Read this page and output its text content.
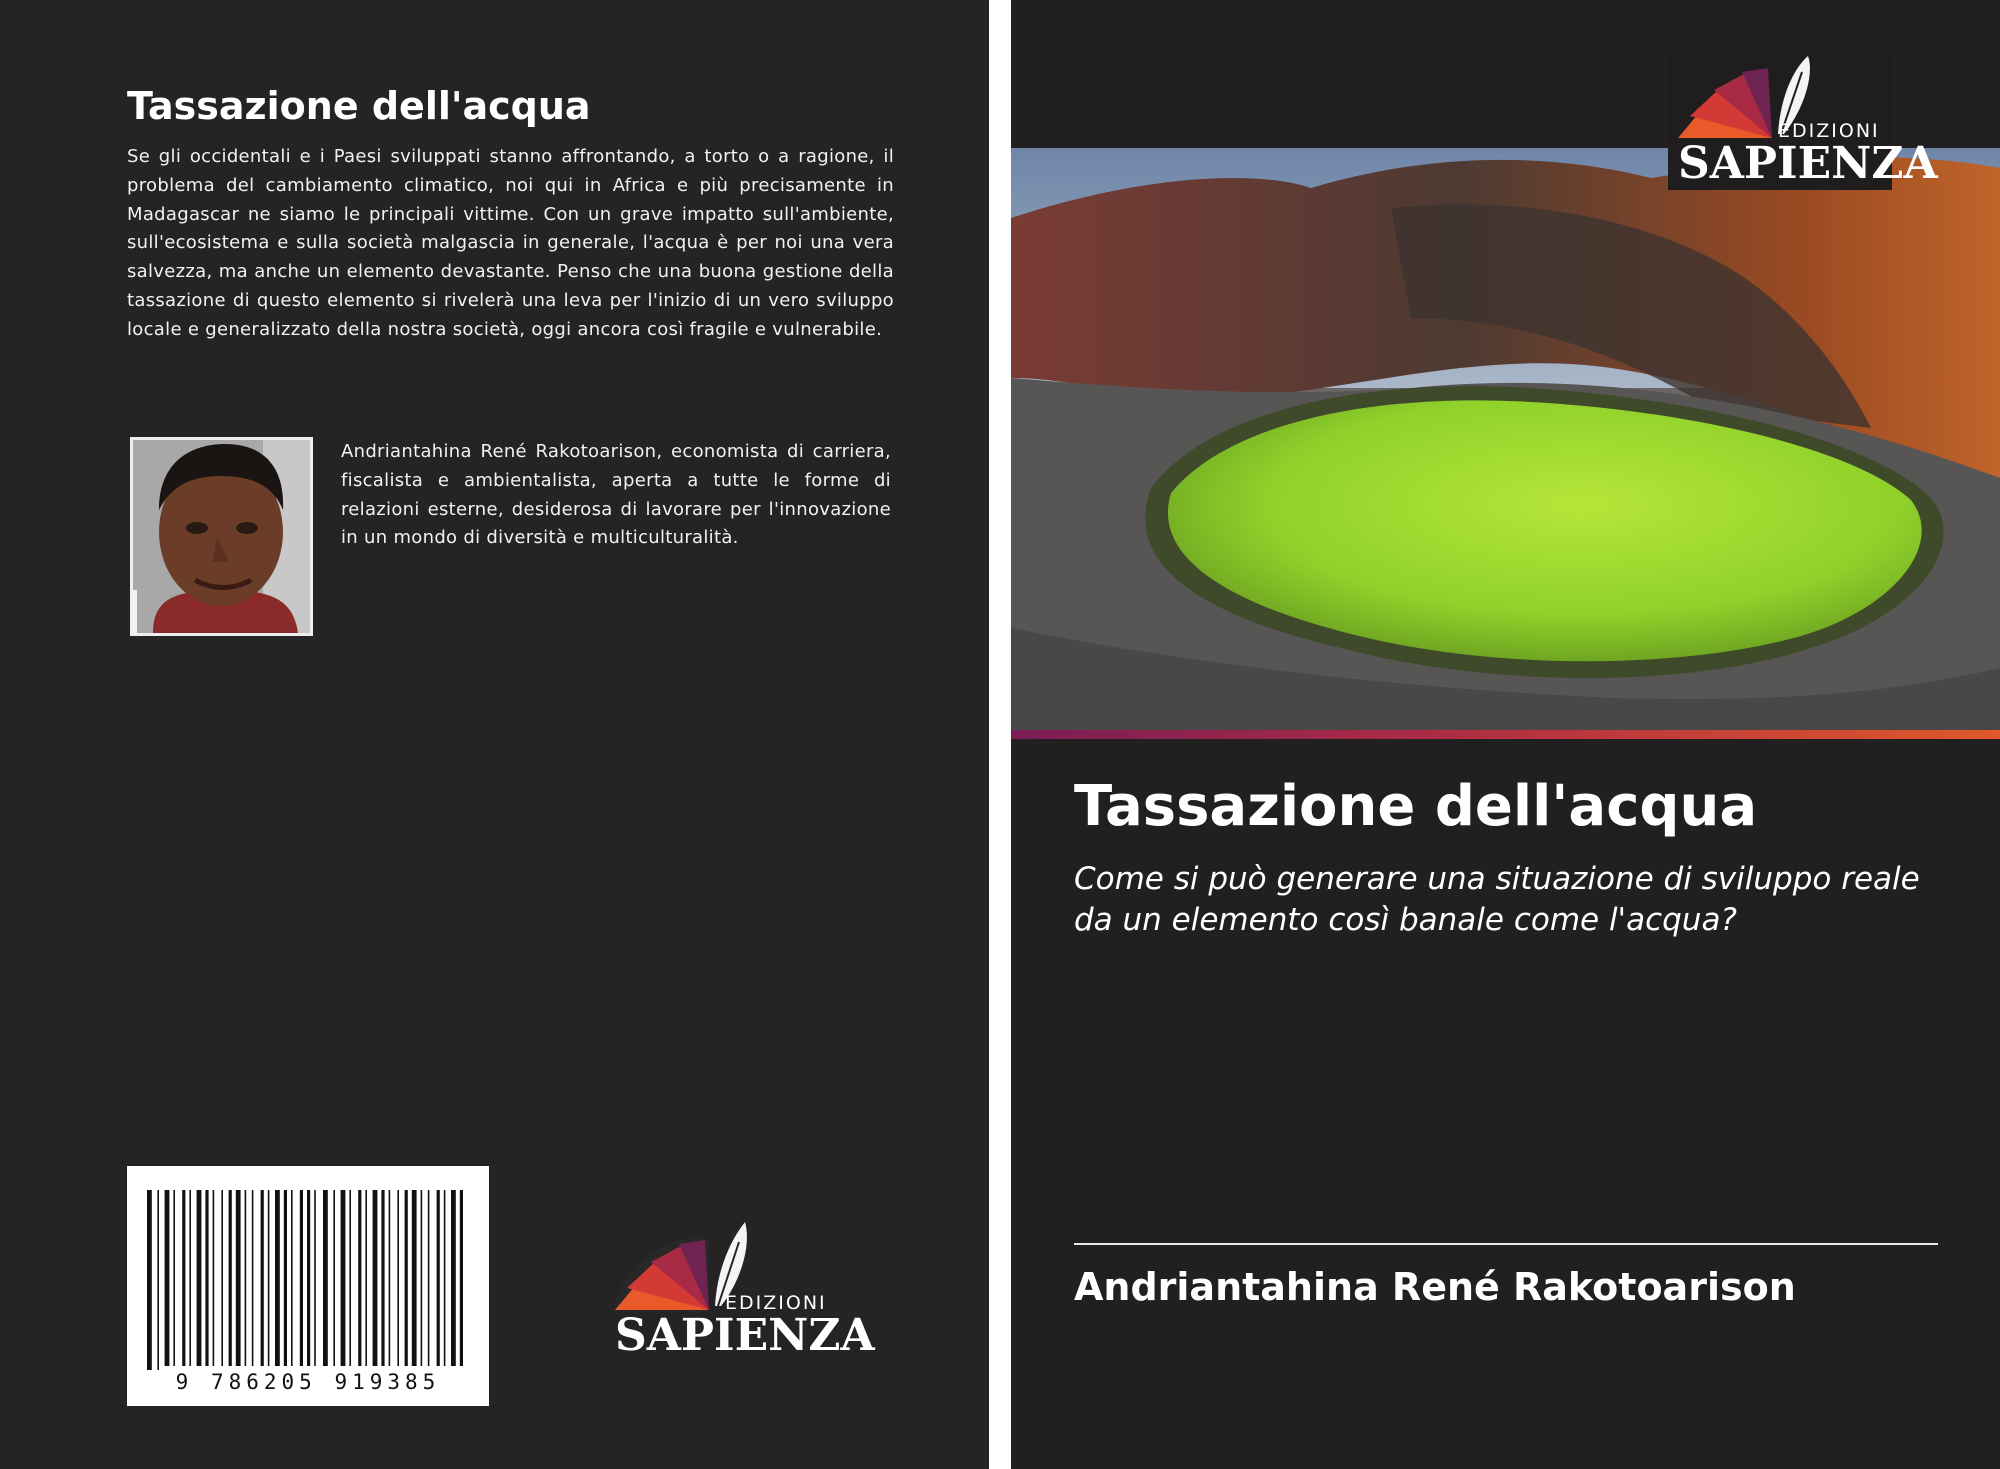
Tassazione dell'acqua

Se gli occidentali e i Paesi sviluppati stanno affrontando, a torto o a ragione, il problema del cambiamento climatico, noi qui in Africa e più precisamente in Madagascar ne siamo le principali vittime. Con un grave impatto sull'ambiente, sull'ecosistema e sulla società malgascia in generale, l'acqua è per noi una vera salvezza, ma anche un elemento devastante. Penso che una buona gestione della tassazione di questo elemento si rivelerà una leva per l'inizio di un vero sviluppo locale e generalizzato della nostra società, oggi ancora così fragile e vulnerabile.

Andriantahina René Rakotoarison, economista di carriera, fiscalista e ambientalista, aperta a tutte le forme di relazioni esterne, desiderosa di lavorare per l'innovazione in un mondo di diversità e multiculturalità.

9 786205 919385

EDIZIONI
SAPIENZA
EDIZIONI
SAPIENZA
Tassazione dell'acqua

Come si può generare una situazione di sviluppo reale da un elemento così banale come l'acqua?

Andriantahina René Rakotoarison
